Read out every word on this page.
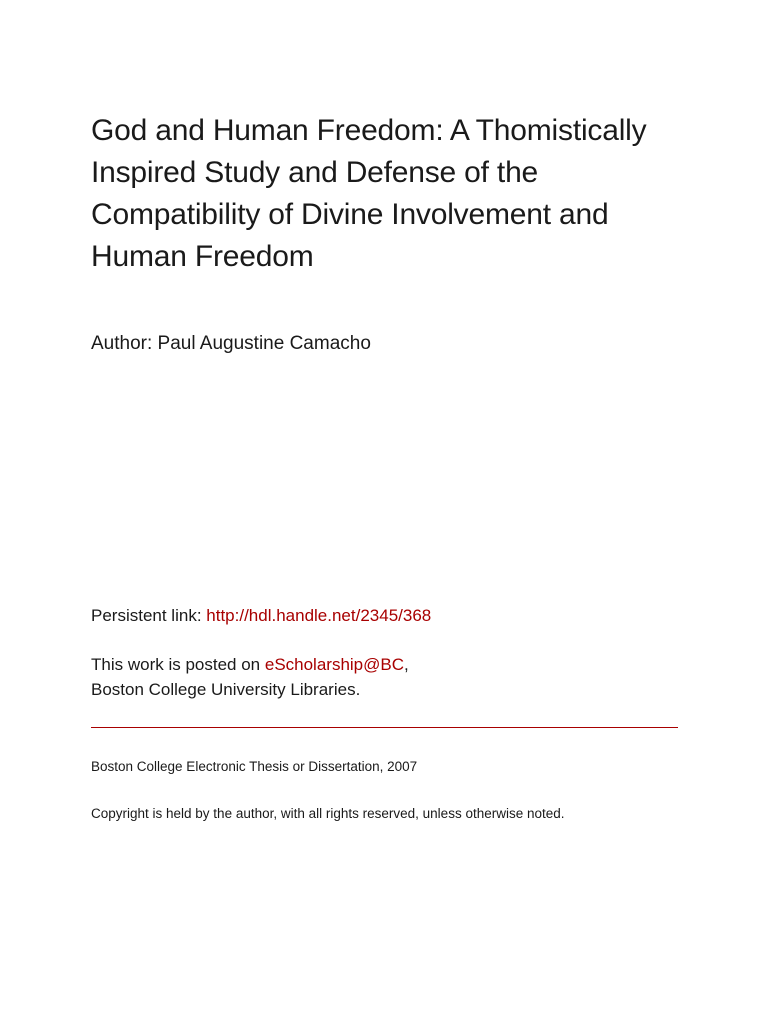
God and Human Freedom: A Thomistically Inspired Study and Defense of the Compatibility of Divine Involvement and Human Freedom

Author: Paul Augustine Camacho

Persistent link: http://hdl.handle.net/2345/368

This work is posted on eScholarship@BC,
Boston College University Libraries.

Boston College Electronic Thesis or Dissertation, 2007

Copyright is held by the author, with all rights reserved, unless otherwise noted.
